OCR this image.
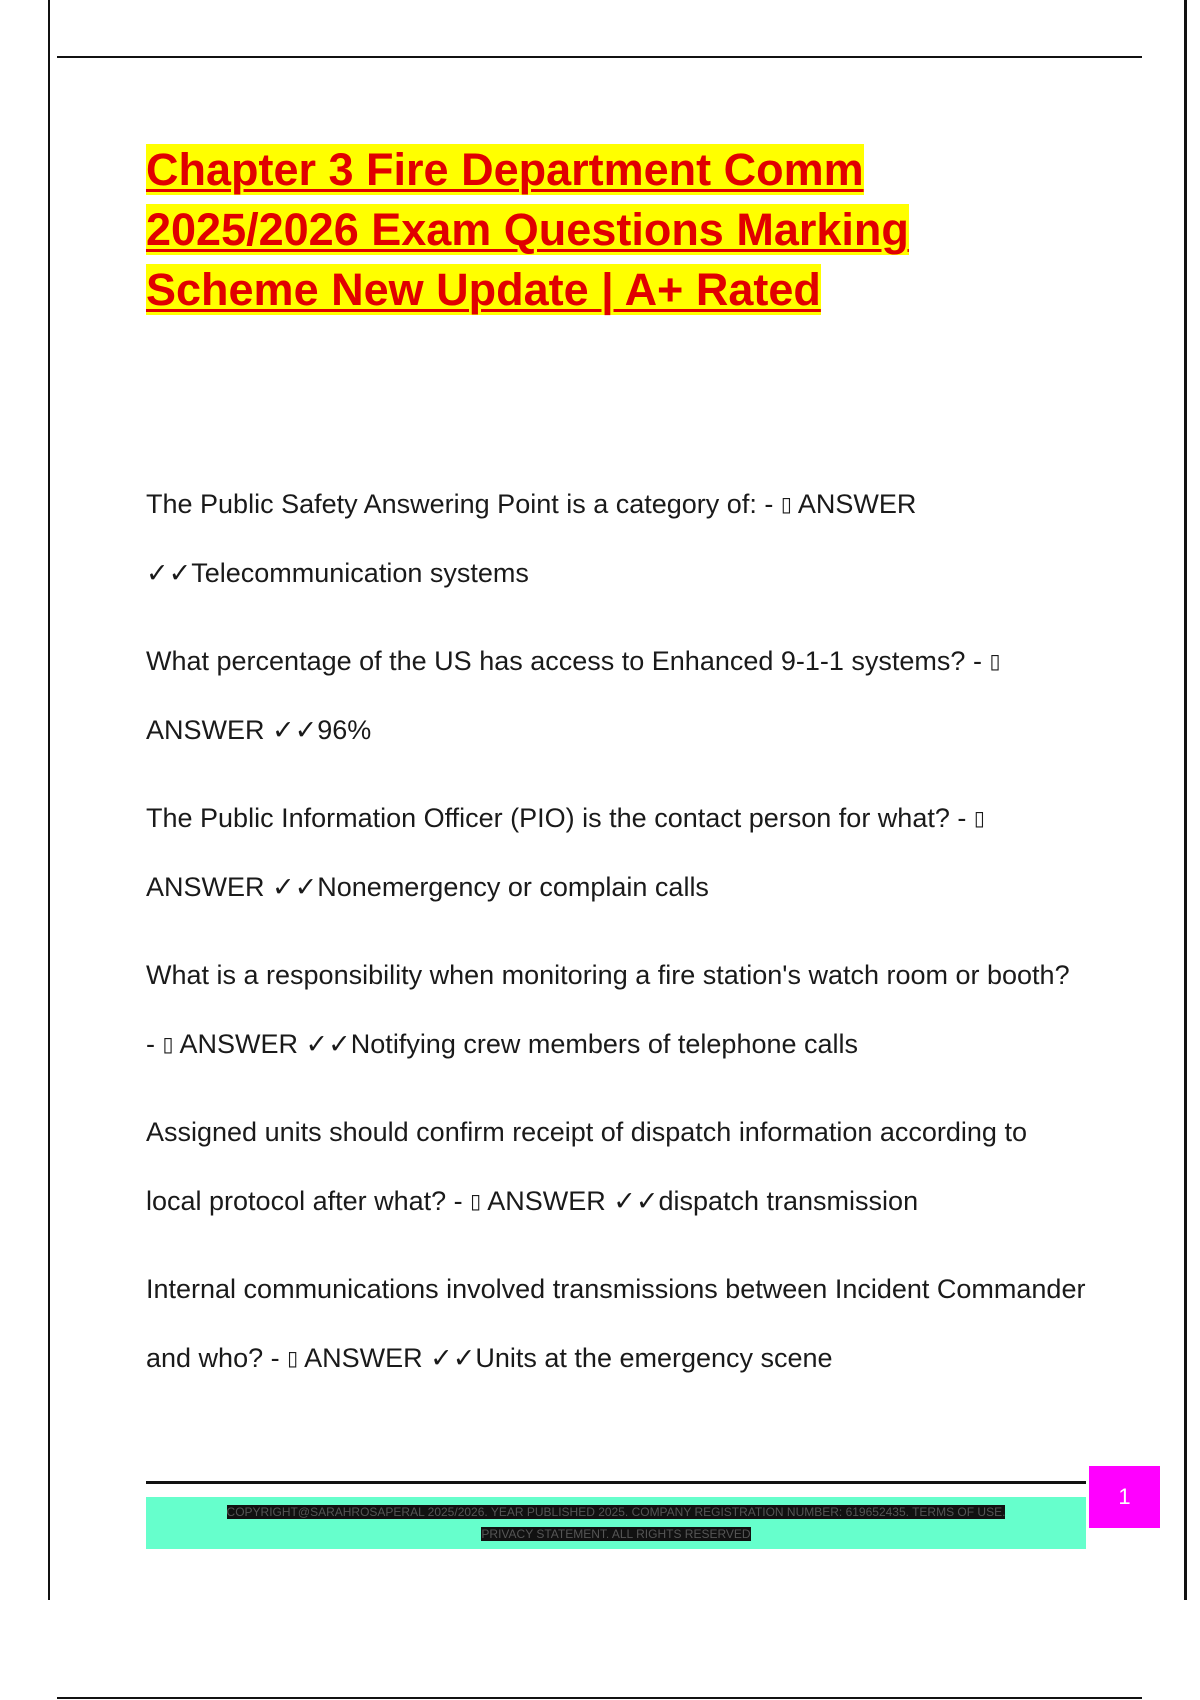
Chapter 3 Fire Department Comm 2025/2026 Exam Questions Marking Scheme New Update | A+ Rated

The Public Safety Answering Point is a category of: - ▯ ANSWER
✓✓Telecommunication systems

What percentage of the US has access to Enhanced 9-1-1 systems? - ▯
ANSWER ✓✓96%

The Public Information Officer (PIO) is the contact person for what? - ▯
ANSWER ✓✓Nonemergency or complain calls

What is a responsibility when monitoring a fire station's watch room or booth? - ▯ ANSWER ✓✓Notifying crew members of telephone calls

Assigned units should confirm receipt of dispatch information according to local protocol after what? - ▯ ANSWER ✓✓dispatch transmission

Internal communications involved transmissions between Incident Commander and who? - ▯ ANSWER ✓✓Units at the emergency scene

COPYRIGHT@SARAHROSAPERAL 2025/2026. YEAR PUBLISHED 2025. COMPANY REGISTRATION NUMBER: 619652435. TERMS OF USE.
PRIVACY STATEMENT. ALL RIGHTS RESERVED
1
